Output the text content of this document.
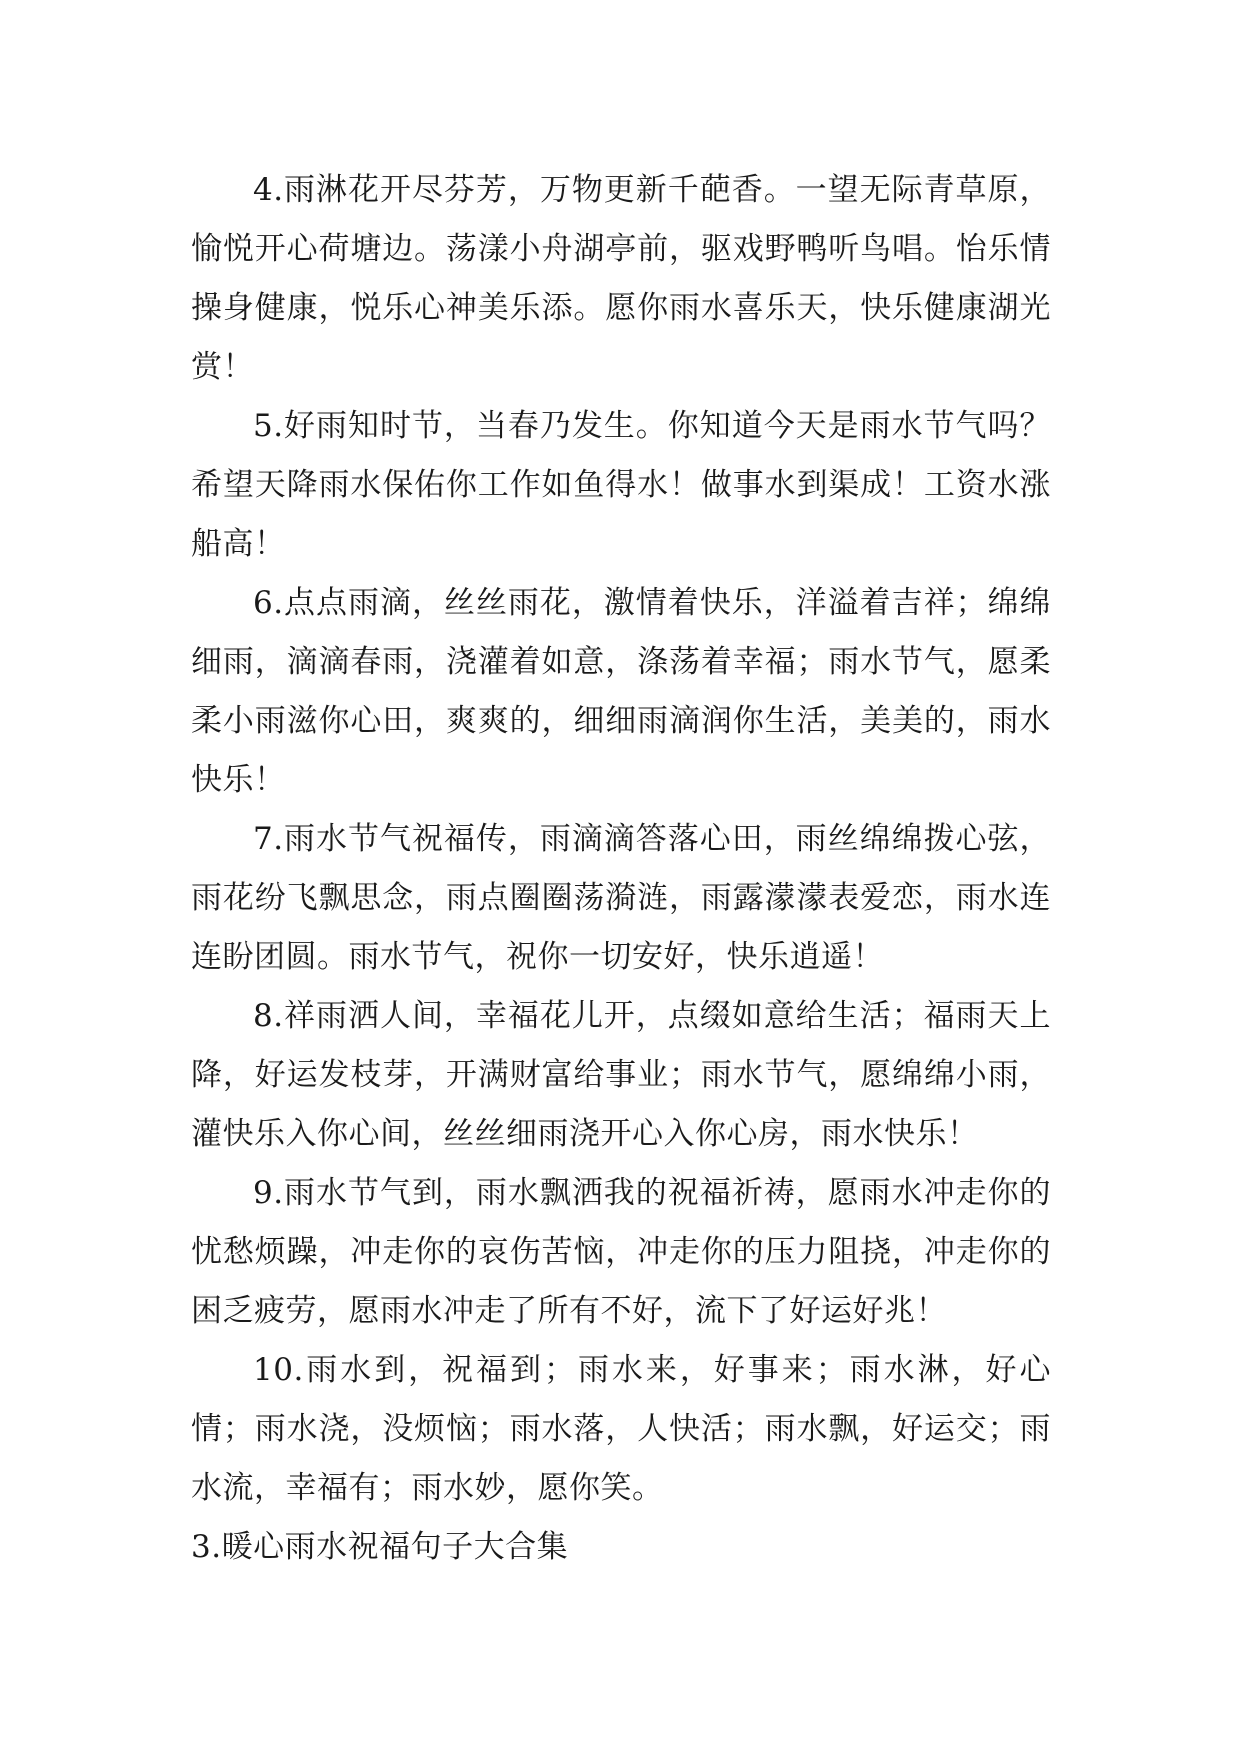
4.雨淋花开尽芬芳，万物更新千葩香。一望无际青草原，愉悦开心荷塘边。荡漾小舟湖亭前，驱戏野鸭听鸟唱。怡乐情操身健康，悦乐心神美乐添。愿你雨水喜乐天，快乐健康湖光赏！

5.好雨知时节，当春乃发生。你知道今天是雨水节气吗？希望天降雨水保佑你工作如鱼得水！做事水到渠成！工资水涨船高！

6.点点雨滴，丝丝雨花，激情着快乐，洋溢着吉祥；绵绵细雨，滴滴春雨，浇灌着如意，涤荡着幸福；雨水节气，愿柔柔小雨滋你心田，爽爽的，细细雨滴润你生活，美美的，雨水快乐！

7.雨水节气祝福传，雨滴滴答落心田，雨丝绵绵拨心弦，雨花纷飞飘思念，雨点圈圈荡漪涟，雨露濛濛表爱恋，雨水连连盼团圆。雨水节气，祝你一切安好，快乐逍遥！

8.祥雨洒人间，幸福花儿开，点缀如意给生活；福雨天上降，好运发枝芽，开满财富给事业；雨水节气，愿绵绵小雨，灌快乐入你心间，丝丝细雨浇开心入你心房，雨水快乐！

9.雨水节气到，雨水飘洒我的祝福祈祷，愿雨水冲走你的忧愁烦躁，冲走你的哀伤苦恼，冲走你的压力阻挠，冲走你的困乏疲劳，愿雨水冲走了所有不好，流下了好运好兆！

10.雨水到，祝福到；雨水来，好事来；雨水淋，好心情；雨水浇，没烦恼；雨水落，人快活；雨水飘，好运交；雨水流，幸福有；雨水妙，愿你笑。

3.暖心雨水祝福句子大合集
